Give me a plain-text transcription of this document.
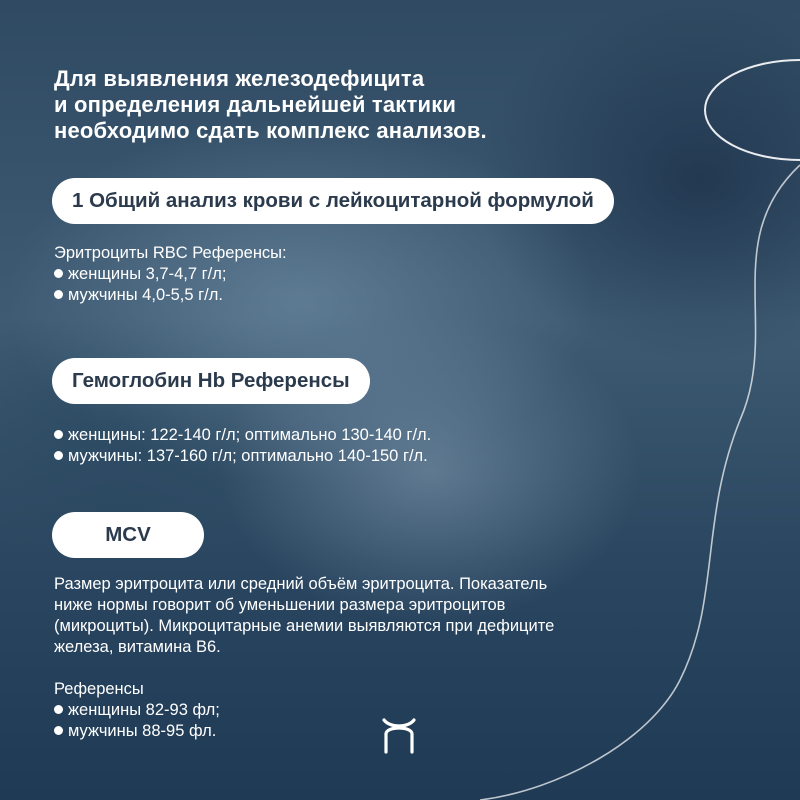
Для выявления железодефицита
и определения дальнейшей тактики
необходимо сдать комплекс анализов.
1 Общий анализ крови с лейкоцитарной формулой
Эритроциты RBC Референсы:
женщины 3,7-4,7 г/л;
мужчины 4,0-5,5 г/л.
Гемоглобин Hb Референсы
женщины: 122-140 г/л; оптимально 130-140 г/л.
мужчины: 137-160 г/л; оптимально 140-150 г/л.
MCV
Размер эритроцита или средний объём эритроцита. Показатель
ниже нормы говорит об уменьшении размера эритроцитов
(микроциты). Микроцитарные анемии выявляются при дефиците
железа, витамина В6.
Референсы
женщины 82-93 фл;
мужчины 88-95 фл.
